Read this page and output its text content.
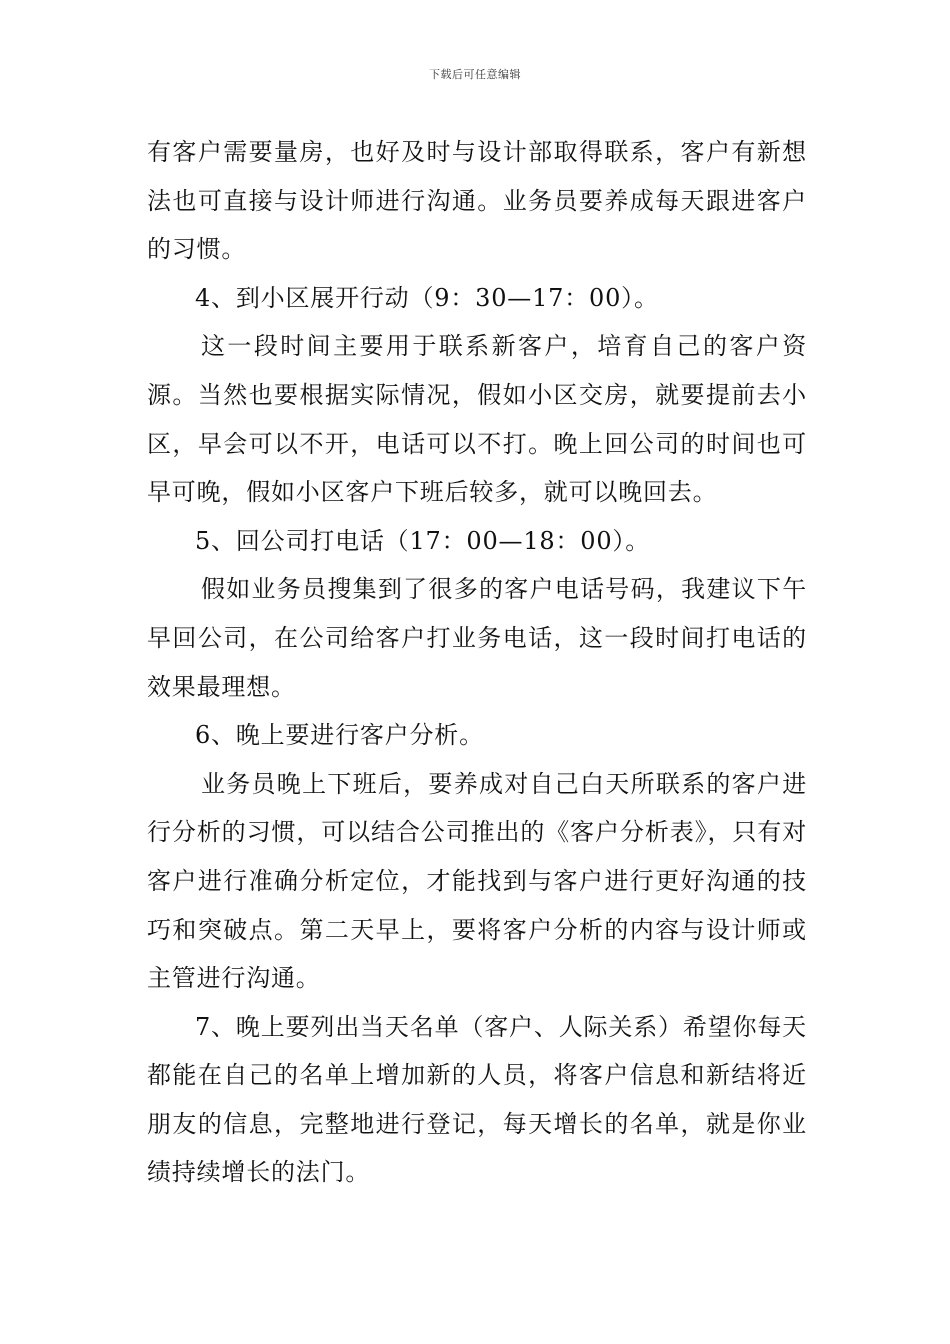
下载后可任意编辑

有客户需要量房，也好及时与设计部取得联系，客户有新想法也可直接与设计师进行沟通。业务员要养成每天跟进客户的习惯。

4、到小区展开行动（9：30—17：00）。

这一段时间主要用于联系新客户，培育自己的客户资源。当然也要根据实际情况，假如小区交房，就要提前去小区，早会可以不开，电话可以不打。晚上回公司的时间也可早可晚，假如小区客户下班后较多，就可以晚回去。

5、回公司打电话（17：00—18：00）。

假如业务员搜集到了很多的客户电话号码，我建议下午早回公司，在公司给客户打业务电话，这一段时间打电话的效果最理想。

6、晚上要进行客户分析。

业务员晚上下班后，要养成对自己白天所联系的客户进行分析的习惯，可以结合公司推出的《客户分析表》，只有对客户进行准确分析定位，才能找到与客户进行更好沟通的技巧和突破点。第二天早上，要将客户分析的内容与设计师或主管进行沟通。

7、晚上要列出当天名单（客户、人际关系）希望你每天都能在自己的名单上增加新的人员，将客户信息和新结将近朋友的信息，完整地进行登记，每天增长的名单，就是你业绩持续增长的法门。
